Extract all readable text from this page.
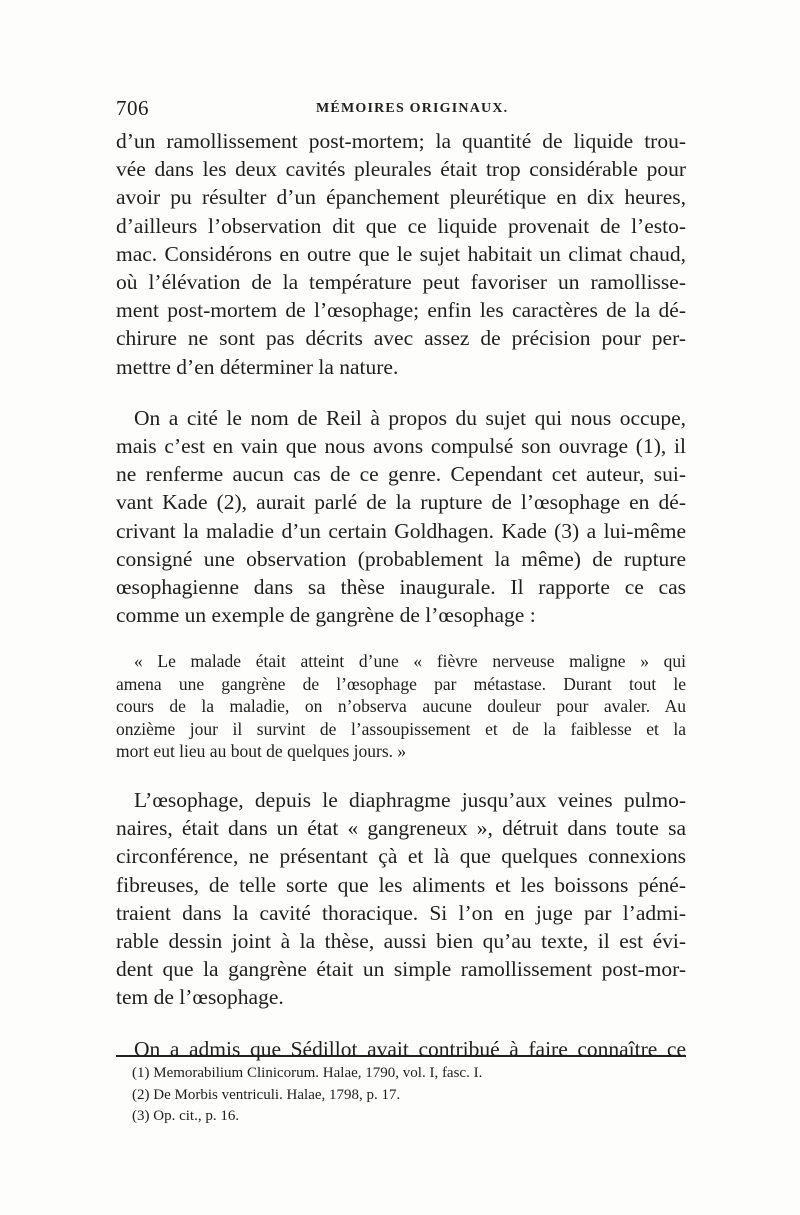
706	MÉMOIRES ORIGINAUX.

d’un ramollissement post-mortem; la quantité de liquide trou-
vée dans les deux cavités pleurales était trop considérable pour
avoir pu résulter d’un épanchement pleurétique en dix heures,
d’ailleurs l’observation dit que ce liquide provenait de l’esto-
mac. Considérons en outre que le sujet habitait un climat chaud,
où l’élévation de la température peut favoriser un ramollisse-
ment post-mortem de l’œsophage; enfin les caractères de la dé-
chirure ne sont pas décrits avec assez de précision pour per-
mettre d’en déterminer la nature.

On a cité le nom de Reil à propos du sujet qui nous occupe,
mais c’est en vain que nous avons compulsé son ouvrage (1), il
ne renferme aucun cas de ce genre. Cependant cet auteur, sui-
vant Kade (2), aurait parlé de la rupture de l’œsophage en dé-
crivant la maladie d’un certain Goldhagen. Kade (3) a lui-même
consigné une observation (probablement la même) de rupture
œsophagienne dans sa thèse inaugurale. Il rapporte ce cas
comme un exemple de gangrène de l’œsophage :

« Le malade était atteint d’une « fièvre nerveuse maligne » qui
amena une gangrène de l’œsophage par métastase. Durant tout le
cours de la maladie, on n’observa aucune douleur pour avaler. Au
onzième jour il survint de l’assoupissement et de la faiblesse et la
mort eut lieu au bout de quelques jours. »

L’œsophage, depuis le diaphragme jusqu’aux veines pulmo-
naires, était dans un état « gangreneux », détruit dans toute sa
circonférence, ne présentant çà et là que quelques connexions
fibreuses, de telle sorte que les aliments et les boissons péné-
traient dans la cavité thoracique. Si l’on en juge par l’admi-
rable dessin joint à la thèse, aussi bien qu’au texte, il est évi-
dent que la gangrène était un simple ramollissement post-mor-
tem de l’œsophage.

On a admis que Sédillot avait contribué à faire connaître ce

(1) Memorabilium Clinicorum. Halae, 1790, vol. I, fasc. I.
(2) De Morbis ventriculi. Halae, 1798, p. 17.
(3) Op. cit., p. 16.
